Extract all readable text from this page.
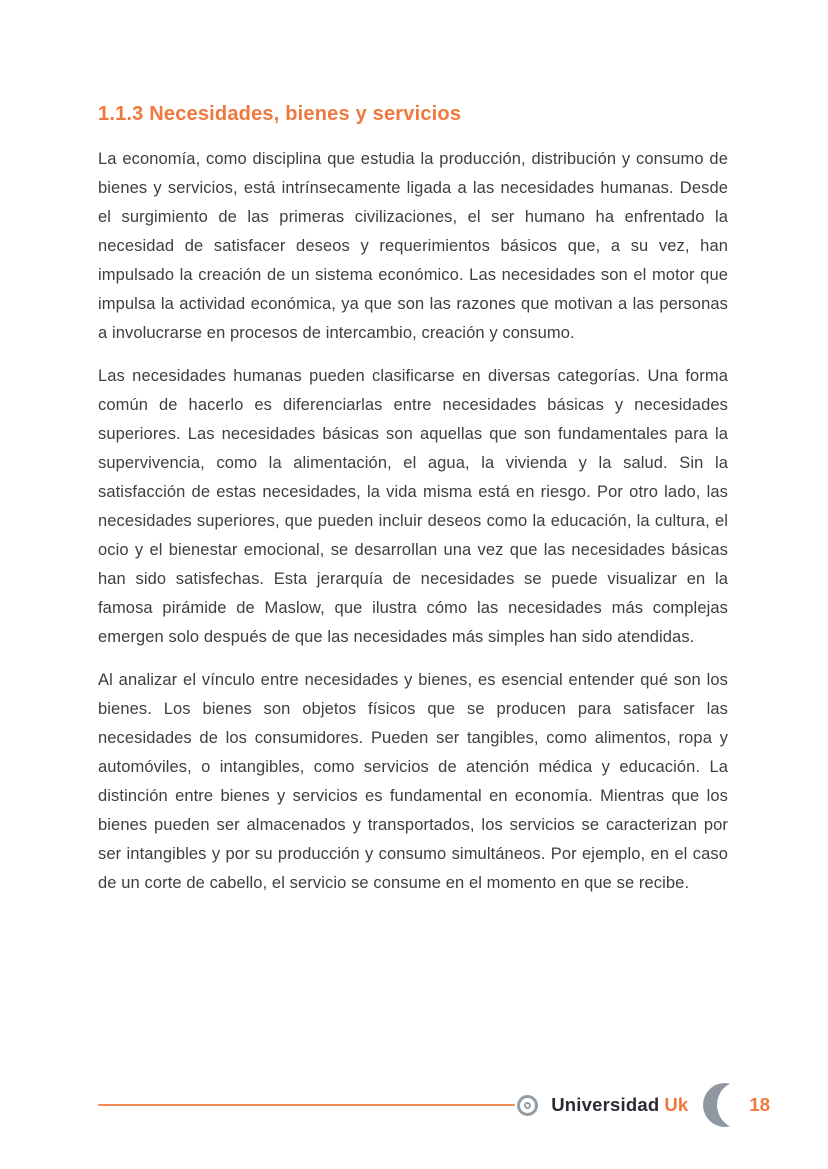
1.1.3 Necesidades, bienes y servicios

La economía, como disciplina que estudia la producción, distribución y consumo de bienes y servicios, está intrínsecamente ligada a las necesidades humanas. Desde el surgimiento de las primeras civilizaciones, el ser humano ha enfrentado la necesidad de satisfacer deseos y requerimientos básicos que, a su vez, han impulsado la creación de un sistema económico. Las necesidades son el motor que impulsa la actividad económica, ya que son las razones que motivan a las personas a involucrarse en procesos de intercambio, creación y consumo.

Las necesidades humanas pueden clasificarse en diversas categorías. Una forma común de hacerlo es diferenciarlas entre necesidades básicas y necesidades superiores. Las necesidades básicas son aquellas que son fundamentales para la supervivencia, como la alimentación, el agua, la vivienda y la salud. Sin la satisfacción de estas necesidades, la vida misma está en riesgo. Por otro lado, las necesidades superiores, que pueden incluir deseos como la educación, la cultura, el ocio y el bienestar emocional, se desarrollan una vez que las necesidades básicas han sido satisfechas. Esta jerarquía de necesidades se puede visualizar en la famosa pirámide de Maslow, que ilustra cómo las necesidades más complejas emergen solo después de que las necesidades más simples han sido atendidas.

Al analizar el vínculo entre necesidades y bienes, es esencial entender qué son los bienes. Los bienes son objetos físicos que se producen para satisfacer las necesidades de los consumidores. Pueden ser tangibles, como alimentos, ropa y automóviles, o intangibles, como servicios de atención médica y educación. La distinción entre bienes y servicios es fundamental en economía. Mientras que los bienes pueden ser almacenados y transportados, los servicios se caracterizan por ser intangibles y por su producción y consumo simultáneos. Por ejemplo, en el caso de un corte de cabello, el servicio se consume en el momento en que se recibe.

Universidad Uk	18
